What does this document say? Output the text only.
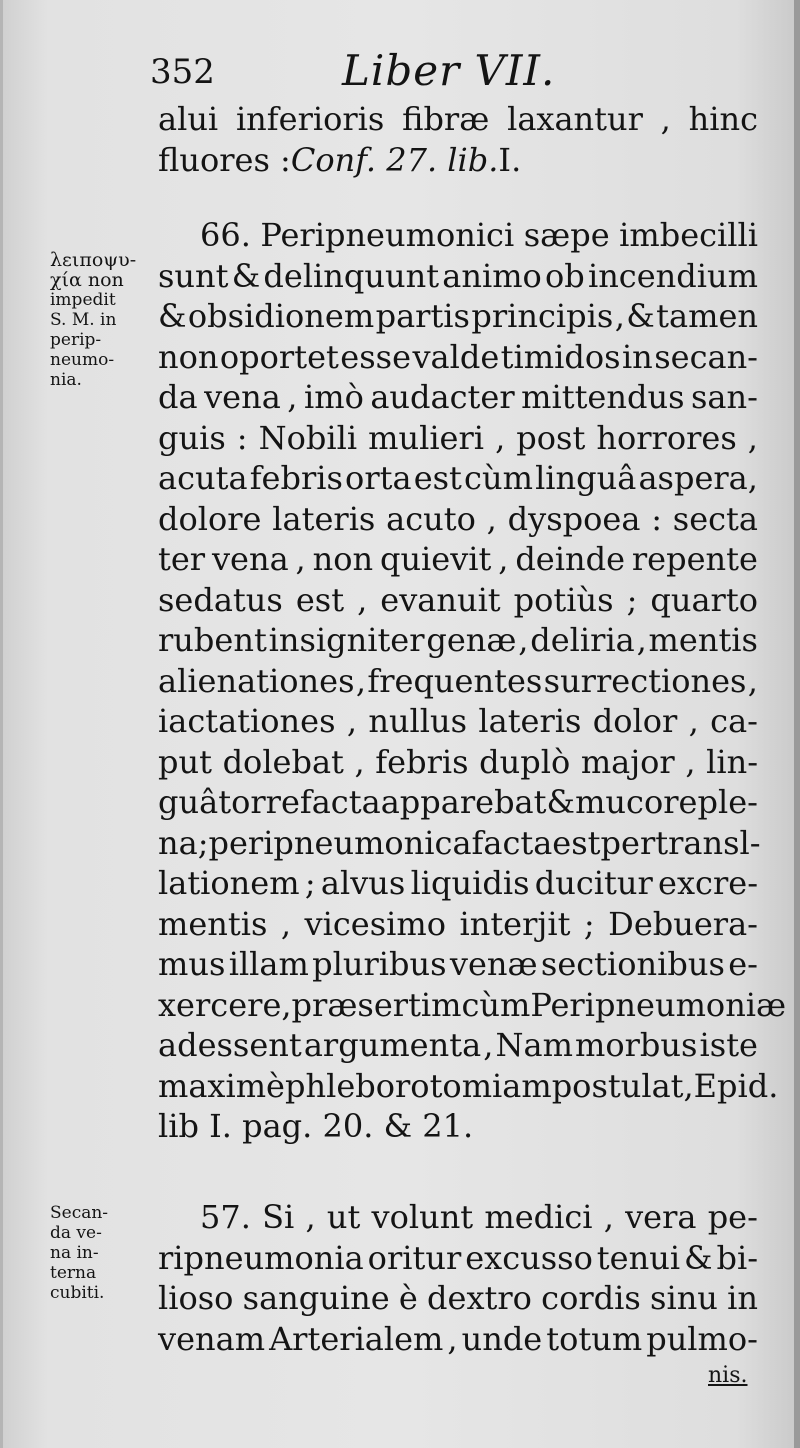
352	Liber VII.
alui inferioris fibræ laxantur , hinc
fluores : Conf. 27. lib. I.
λειποψυ-
χία non
impedit
S. M. in
perip-
neumo-
nia.
66. Peripneumonici sæpe imbecilli
sunt & delinquunt animo ob incendium
& obsidionem partis principis , & tamen
non oportet esse valde timidos in secan-
da vena , imò audacter mittendus san-
guis : Nobili mulieri , post horrores ,
acuta febris orta est cùm linguâ aspera,
dolore lateris acuto , dyspoea : secta
ter vena , non quievit , deinde repente
sedatus est , evanuit potiùs ; quarto
rubent insigniter genæ , deliria , mentis
alienationes , frequentes surrectiones ,
iactationes , nullus lateris dolor , ca-
put dolebat , febris duplò major , lin-
guâ torrefacta apparebat & mucore ple-
na ; peripneumonica facta est per transl-
lationem ; alvus liquidis ducitur excre-
mentis , vicesimo interjit ; Debuera-
mus illam pluribus venæ sectionibus e-
xercere , præsertim cùm Peripneumoniæ
adessent argumenta , Nam morbus iste
maximè phleborotomiam postulat , Epid.
lib I. pag. 20. & 21.
Secan-
da ve-
na in-
terna
cubiti.
57. Si , ut volunt medici , vera pe-
ripneumonia oritur excusso tenui & bi-
lioso sanguine è dextro cordis sinu in
venam Arterialem , unde totum pulmo-
nis.
